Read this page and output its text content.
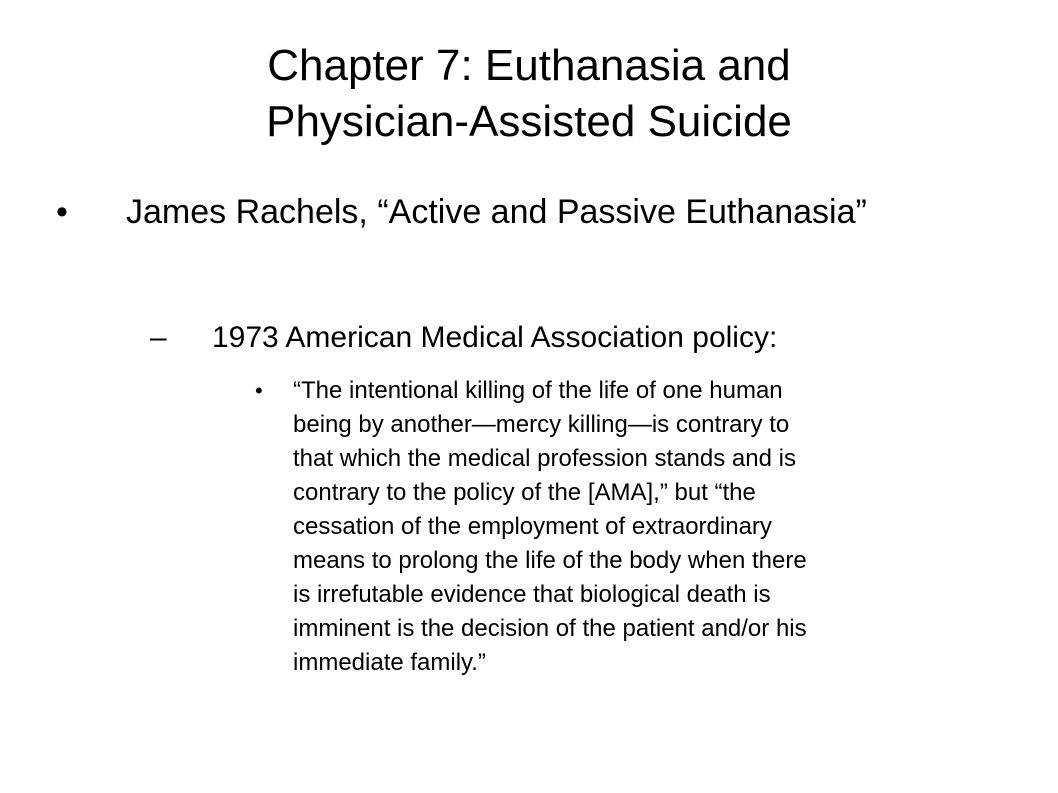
Chapter 7: Euthanasia and
Physician-Assisted Suicide
• James Rachels, “Active and Passive Euthanasia”
– 1973 American Medical Association policy:
• “The intentional killing of the life of one human
being by another—mercy killing—is contrary to
that which the medical profession stands and is
contrary to the policy of the [AMA],” but “the
cessation of the employment of extraordinary
means to prolong the life of the body when there
is irrefutable evidence that biological death is
imminent is the decision of the patient and/or his
immediate family.”
